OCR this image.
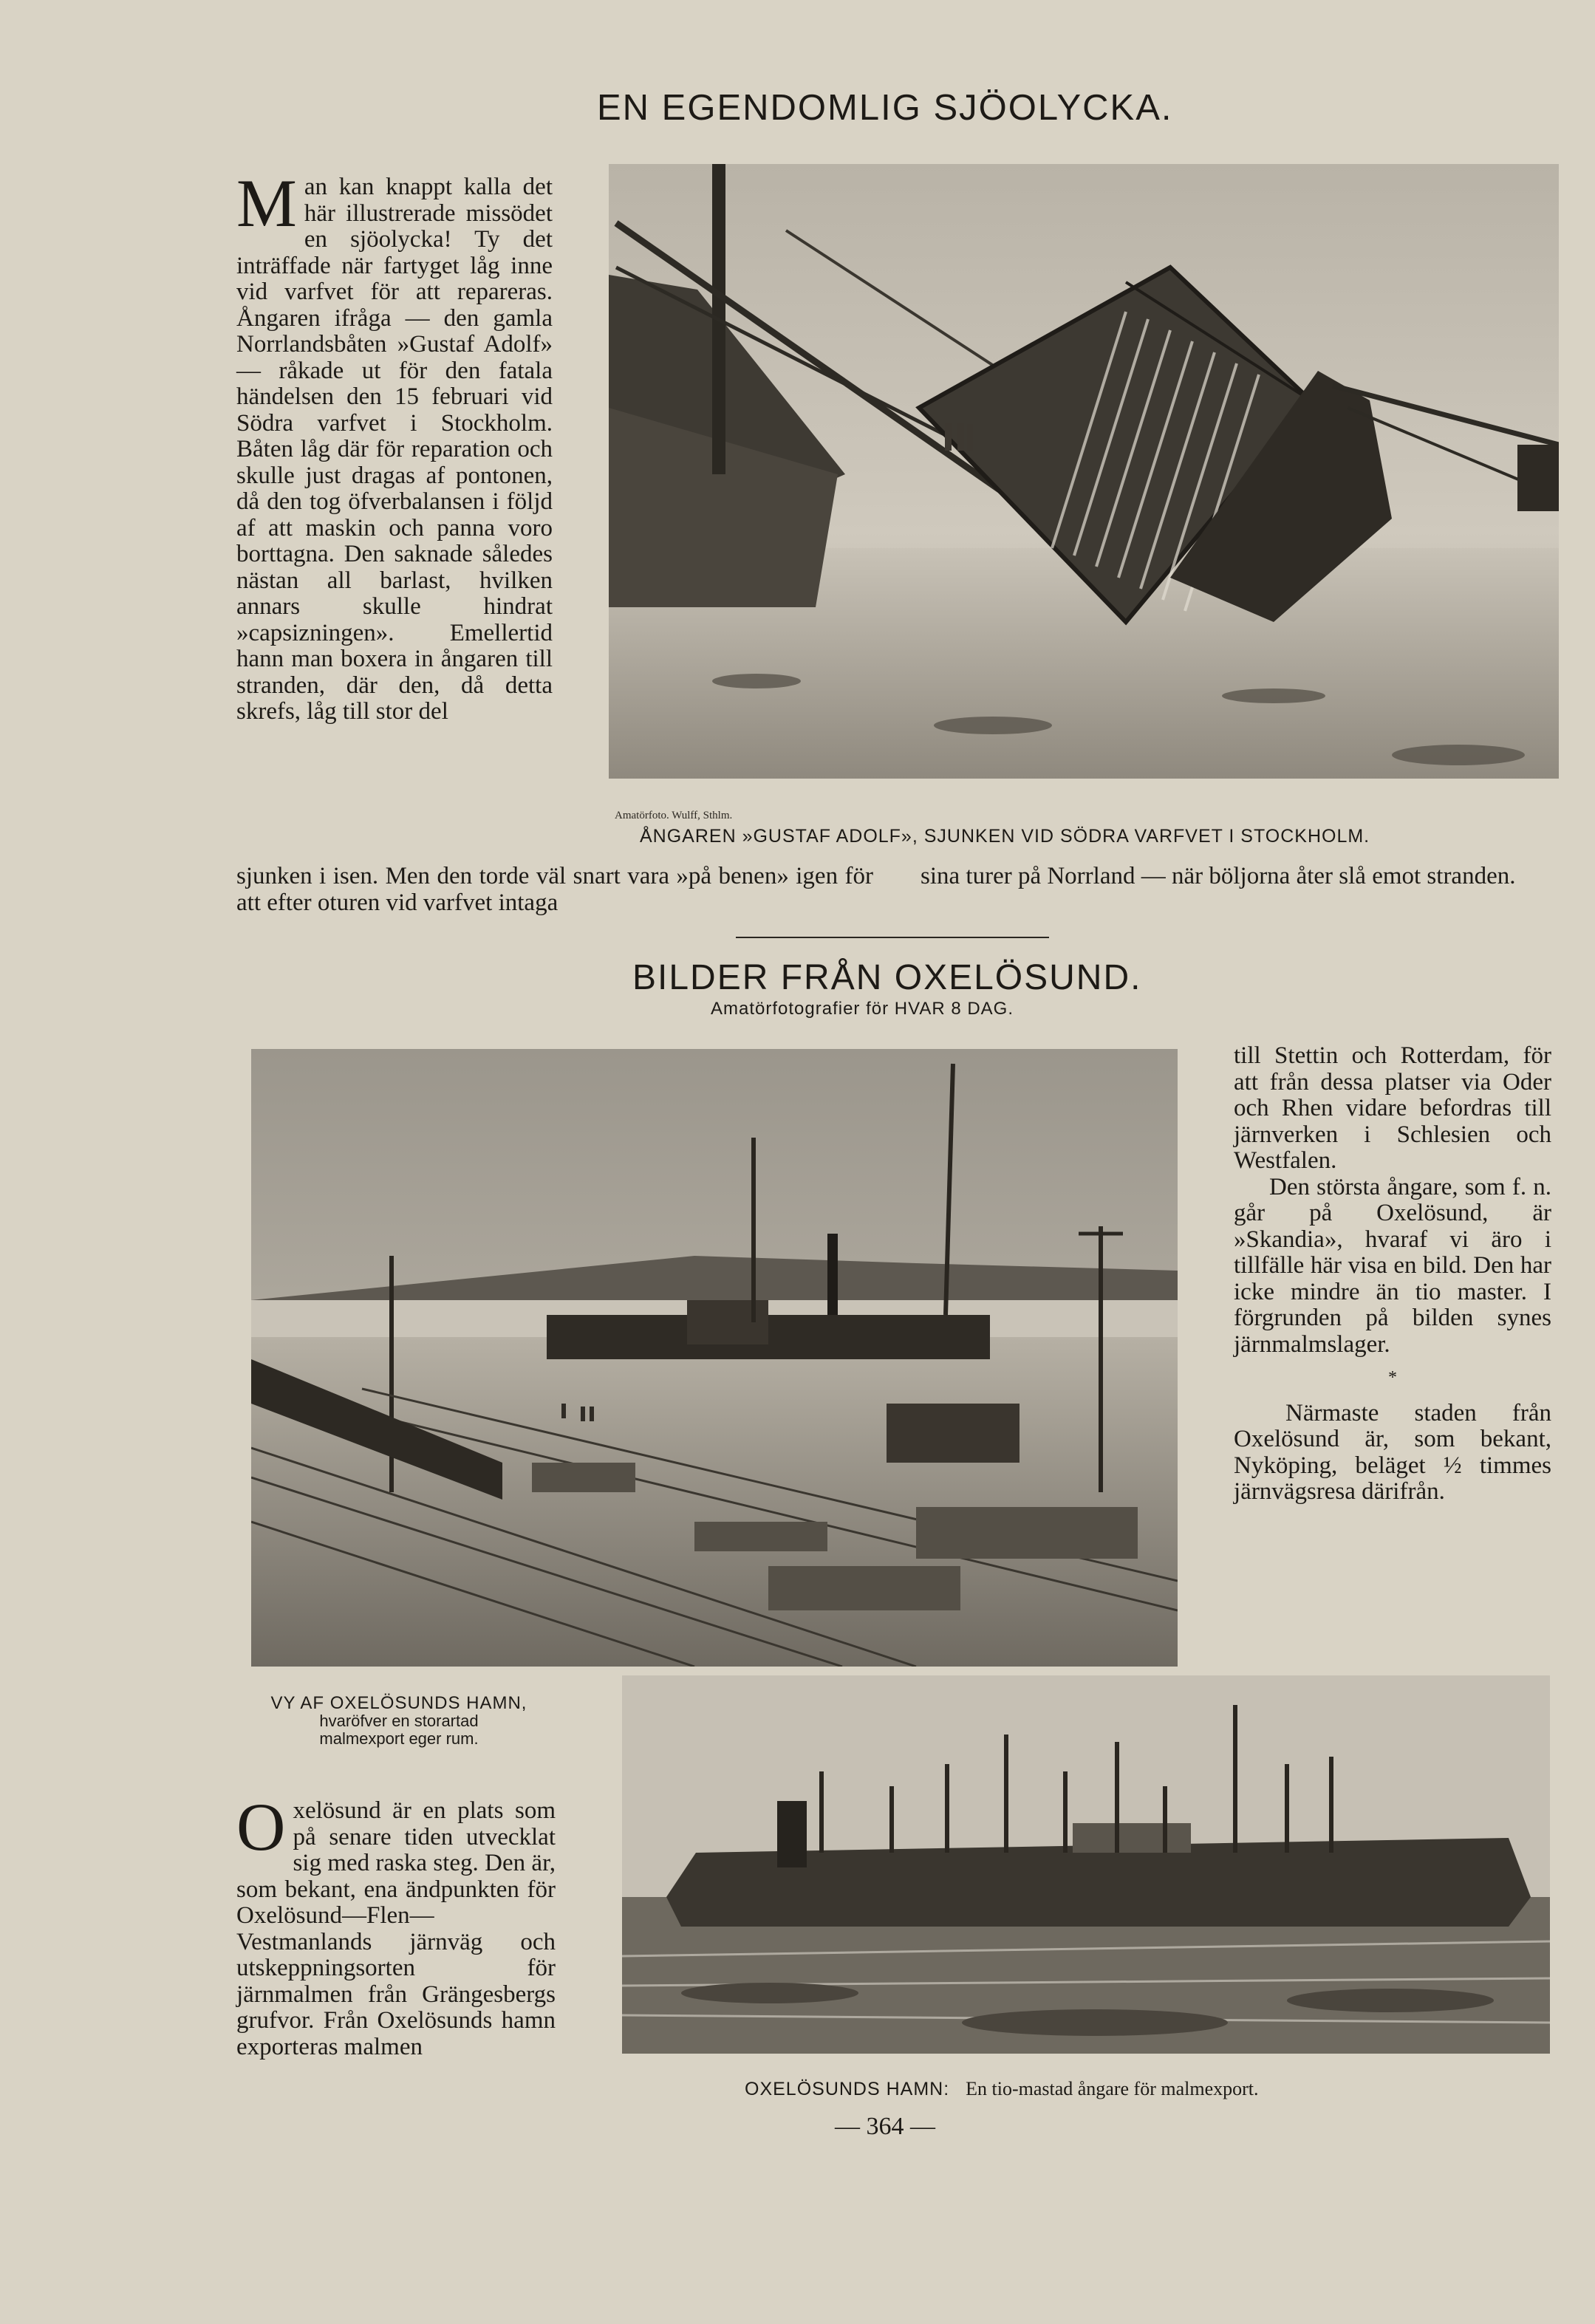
EN EGENDOMLIG SJÖOLYCKA.
Man kan knappt kalla det här illustrerade missödet en sjöolycka! Ty det inträffade när fartyget låg inne vid varfvet för att repareras. Ångaren ifråga — den gamla Norrlandsbåten »Gustaf Adolf» — råkade ut för den fatala händelsen den 15 februari vid Södra varfvet i Stockholm. Båten låg där för reparation och skulle just dragas af pontonen, då den tog öfverbalansen i följd af att maskin och panna voro borttagna. Den saknade således nästan all barlast, hvilken annars skulle hindrat »capsizningen». Emellertid hann man boxera in ångaren till stranden, där den, då detta skrefs, låg till stor del
Amatörfoto. Wulff, Sthlm.
ÅNGAREN »GUSTAF ADOLF», SJUNKEN VID SÖDRA VARFVET I STOCKHOLM.
sjunken i isen. Men den torde väl snart vara »på benen» igen för att efter oturen vid varfvet intaga
sina turer på Norrland — när böljorna åter slå emot stranden.
BILDER FRÅN OXELÖSUND.
Amatörfotografier för HVAR 8 DAG.

till Stettin och Rotterdam, för att från dessa platser via Oder och Rhen vidare befordras till järnverken i Schlesien och Westfalen.

Den största ångare, som f. n. går på Oxelösund, är »Skandia», hvaraf vi äro i tillfälle här visa en bild. Den har icke mindre än tio master. I förgrunden på bilden synes järnmalmslager.

*

Närmaste staden från Oxelösund är, som bekant, Nyköping, beläget ½ timmes järnvägsresa därifrån.

VY AF OXELÖSUNDS HAMN,
hvaröfver en storartad
malmexport eger rum.
Oxelösund är en plats som på senare tiden utvecklat sig med raska steg. Den är, som bekant, ena ändpunkten för Oxelösund—Flen—Vestmanlands järnväg och utskeppningsorten för järnmalmen från Grängesbergs grufvor. Från Oxelösunds hamn exporteras malmen
OXELÖSUNDS HAMN: En tio-mastad ångare för malmexport.
— 364 —
